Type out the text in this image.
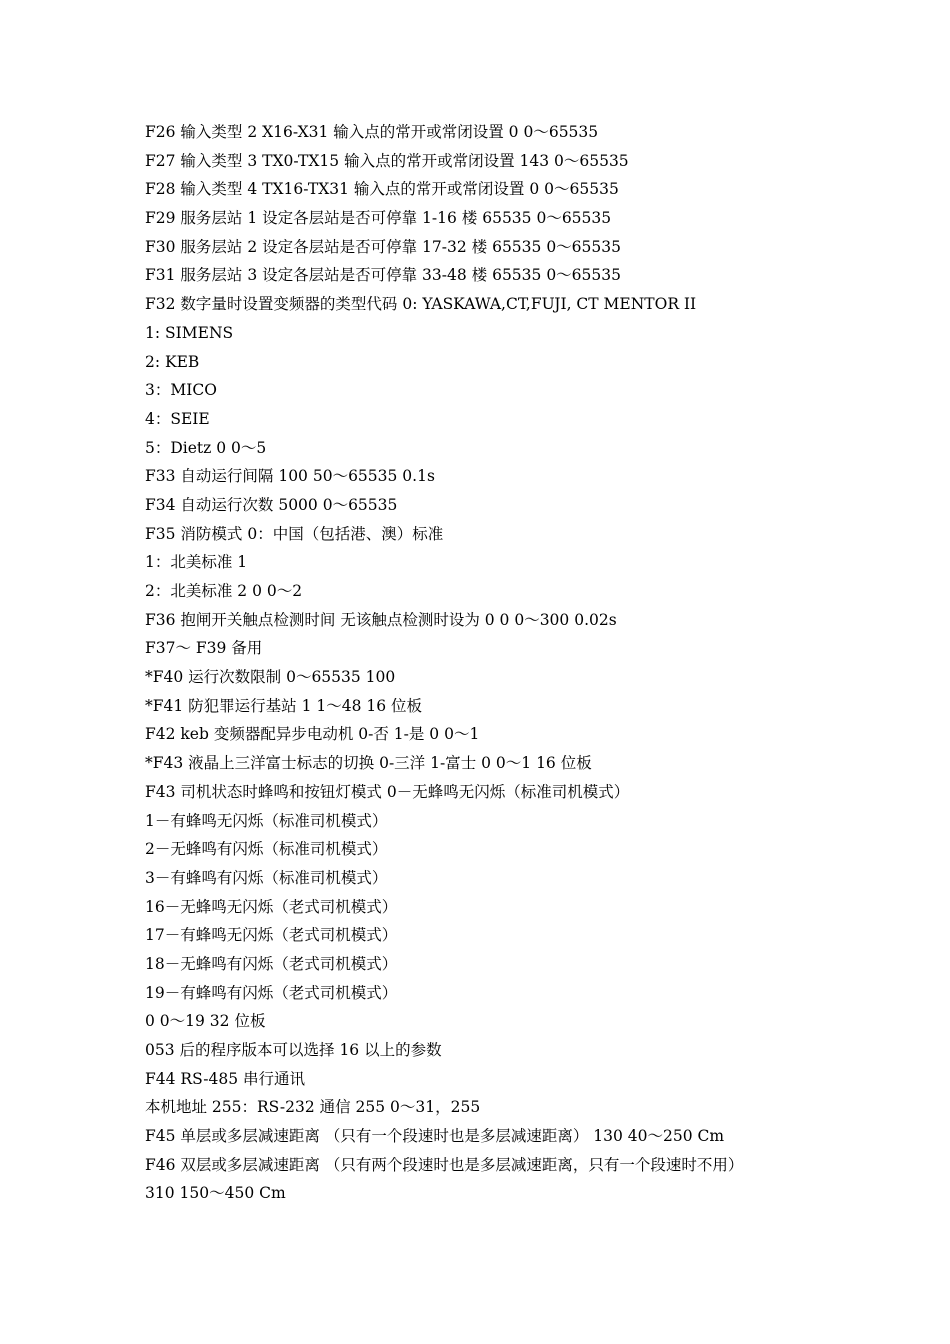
F26 输入类型 2 X16-X31 输入点的常开或常闭设置 0 0～65535
F27 输入类型 3 TX0-TX15 输入点的常开或常闭设置 143 0～65535
F28 输入类型 4 TX16-TX31 输入点的常开或常闭设置 0 0～65535
F29 服务层站 1 设定各层站是否可停靠 1-16 楼 65535 0～65535
F30 服务层站 2 设定各层站是否可停靠 17-32 楼 65535 0～65535
F31 服务层站 3 设定各层站是否可停靠 33-48 楼 65535 0～65535
F32 数字量时设置变频器的类型代码 0: YASKAWA,CT,FUJI, CT MENTOR II
1: SIMENS
2: KEB
3：MICO
4：SEIE
5：Dietz 0 0～5
F33 自动运行间隔 100 50～65535 0.1s
F34 自动运行次数 5000 0～65535
F35 消防模式 0：中国（包括港、澳）标准
1：北美标准 1
2：北美标准 2 0 0～2
F36 抱闸开关触点检测时间 无该触点检测时设为 0 0 0～300 0.02s
F37～ F39 备用
*F40 运行次数限制 0～65535 100
*F41 防犯罪运行基站 1 1～48 16 位板
F42 keb 变频器配异步电动机 0-否 1-是 0 0～1
*F43 液晶上三洋富士标志的切换 0-三洋 1-富士 0 0～1 16 位板
F43 司机状态时蜂鸣和按钮灯模式 0－无蜂鸣无闪烁（标准司机模式）
1－有蜂鸣无闪烁（标准司机模式）
2－无蜂鸣有闪烁（标准司机模式）
3－有蜂鸣有闪烁（标准司机模式）
16－无蜂鸣无闪烁（老式司机模式）
17－有蜂鸣无闪烁（老式司机模式）
18－无蜂鸣有闪烁（老式司机模式）
19－有蜂鸣有闪烁（老式司机模式）
0 0～19 32 位板
053 后的程序版本可以选择 16 以上的参数
F44 RS-485 串行通讯
本机地址 255：RS-232 通信 255 0～31，255
F45 单层或多层减速距离 （只有一个段速时也是多层减速距离） 130 40～250 Cm
F46 双层或多层减速距离 （只有两个段速时也是多层减速距离，只有一个段速时不用）
310 150～450 Cm
